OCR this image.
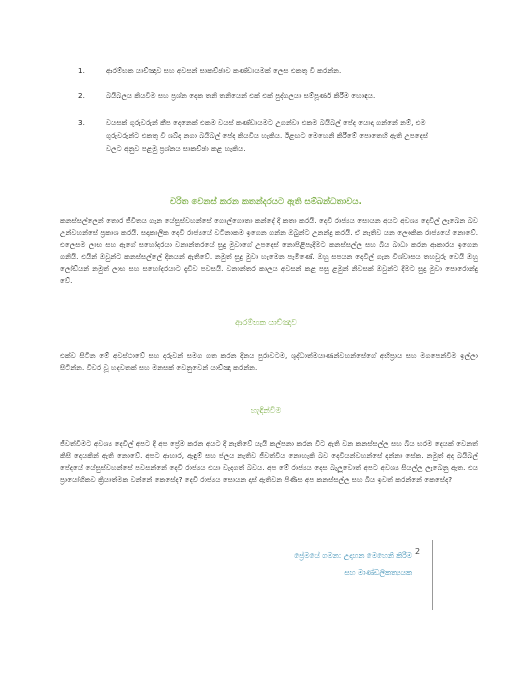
1.	ආරම්භක යාච්ඤාව සහ අවසන් සාකච්ඡාව කණ්ඩායමක් ලෙස එකතු වී කරන්න.
2.	බයිබලය කියවීම සහ ප්‍රශ්න දෙක තනි තනියෙන් එක් එක් පුද්ගලයා සම්පූර්ණ කිරීම හොඳය.
3.	වයසක් ගුරුවරුන් කීප දෙනෙක් එකම වයස් කණ්ඩායමට උගන්වා එකම බයිබල් පේද යොදා ගන්නේ නම්, එම ගුරුවරුන්ට එකතු වී ශබ්ද නගා බයිබල් පේද කියවිය හැකිය. ඊළඟට මෙහෙනි කිරීමේ පොතෙහි ඇති උපදෙස් වලට අනුව පළමු ප්‍රශ්නය සාකච්ඡා කළ හැකිය.
චරිත වෙනස් කරන කතන්දරයට ඇති සම්බන්ධතාවය.

කනස්සල්ලෙන් තොර ජීවිතය ගැන යේසුස්වහන්සේ ගොල්ගොතා කන්දේ දී කතා කරයි. දෙවි රාජ්‍යය සොයන අයට අවශ්‍ය දෙවිල් ලැබෙන බව උන්වහන්සේ ප්‍රකාශ කරයි. සදාකාලික දෙවි රාජ්‍යයේ වටිනාකම ඉගෙන ගන්න ඔබුන්ට උනන්දු කරයි. ඒ නැතිව යන ලෞකික රාජ්‍යයේ නොවේ. එලෙසම ලාභ සහ ඇගේ සහෝදරයා වනාන්තරයේ සුදු මුවාගේ උපදෙස් නොපිළිපැදීමට කනස්සල්ල සහ බිය බාධා කරන ආකාරය ඉගෙන ගනියි. එයින් ඔවුන්ට කනස්සල්ලේ දිනයන් ඇතිවේ. නමුත් සුදු මුවා හැමෙන පැමිණේ. ඔහු සපයන දෙවිල් ගැන විශ්වාසය තහවුරු වෙයි ඔහු ලෝඩ්යන් නමුත් ලාභ සහ සහෝදරයාට දැඩිව පවසයි. වනාන්තර කාලය අවසන් කළ පසු ළමුන් නිවසක් ඔවුන්ට දීමට සුදු මුවා පොරොන්දු වේ.

ආරම්භක යාච්ඤාව

එක්ව සිටින මේ අවස්ථාවේ සහ දරුවන් සමග ගත කරන දිනය පුරාවටම, ශුද්ධාත්මයාණන්වහන්සේගේ අභිප්‍රාය සහ මගපෙන්වීම ඉල්ලා සිටින්න. විවර වූ හදවතක් සහ මනසක් වෙනුවෙන් යාච්ඤා කරන්න.

හැඳින්වීම

ජීවත්වීමට අවශ්‍ය දෙවිල් අපට දී අප ප්‍රේම කරන අයට දී නැතිවේ යැයි කල්පනා කරන විට ඇති වන කනස්සල්ල සහ බිය භරම දෙයක් වෙනත් කිසි දෙයකින් ඇති නොවේ. අපට ආහාර, ඇඳුම් සහ ජලය නැතිව ජීවත්විය නොහැකි බව දෙවියන්වහන්සේ දන්නා සේක. නමුත් අද බයිබල් පේදයේ යේසුස්වහන්සේ පවසන්නේ දෙවි රාජ්‍යය එයා වැදගත් බවය. අප මේ රාජ්‍යය දෙස බැලූවොත් අපට අවශ්‍ය සියල්ල ලැබෙනු ඇත. එය ප්‍රායෝගිකව ක්‍රියාත්මක වන්නේ කෙසේද? දෙවි රාජ්‍යය සොයන දාස් ඇතිවන පිණිස අප කනස්සල්ල සහ බිය ඉවත් කරන්නේ කෙසේද?

ප්‍රේමයේ ගමන: උදාහන මෙහෙනි කිරීම
සහ මාණ්ඩලිකත්‍යයක
2
